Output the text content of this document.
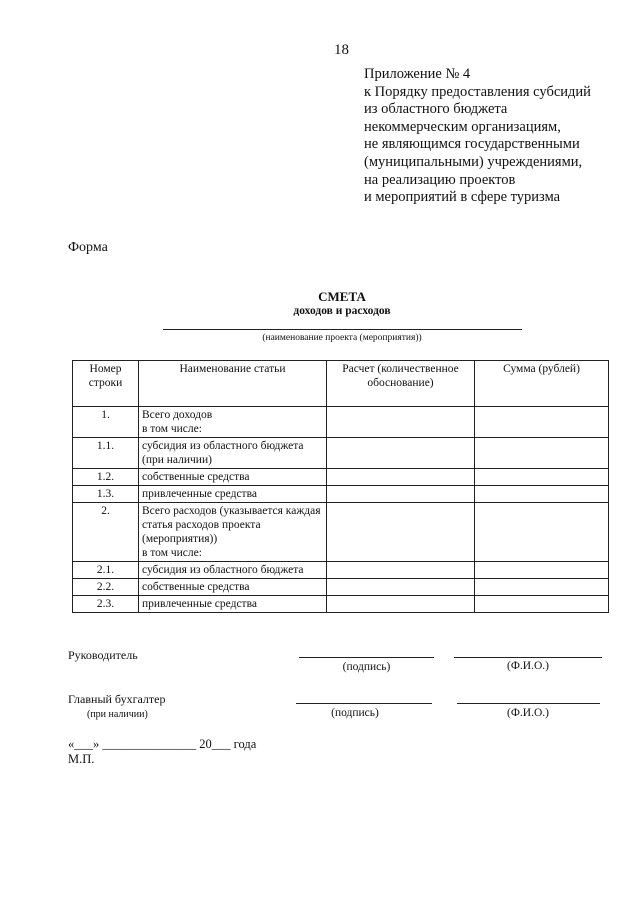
18
Приложение № 4
к Порядку предоставления субсидий
из областного бюджета
некоммерческим организациям,
не являющимся государственными
(муниципальными) учреждениями,
на реализацию проектов
и мероприятий в сфере туризма
Форма
СМЕТА
доходов и расходов
(наименование проекта (мероприятия))
Номер строки	Наименование статьи	Расчет (количественное обоснование)	Сумма (рублей)
1.	Всего доходов
в том числе:		

1.1.	субсидия из областного бюджета (при наличии)		
1.2.	собственные средства		
1.3.	привлеченные средства		
2.	Всего расходов (указывается каждая статья расходов проекта (мероприятия))
в том числе:		

2.1.	субсидия из областного бюджета		
2.2.	собственные средства		
2.3.	привлеченные средства		
Руководитель
(подпись)	(Ф.И.О.)
Главный бухгалтер
(при наличии)	(подпись)	(Ф.И.О.)
«___» _______________ 20___ года
М.П.
